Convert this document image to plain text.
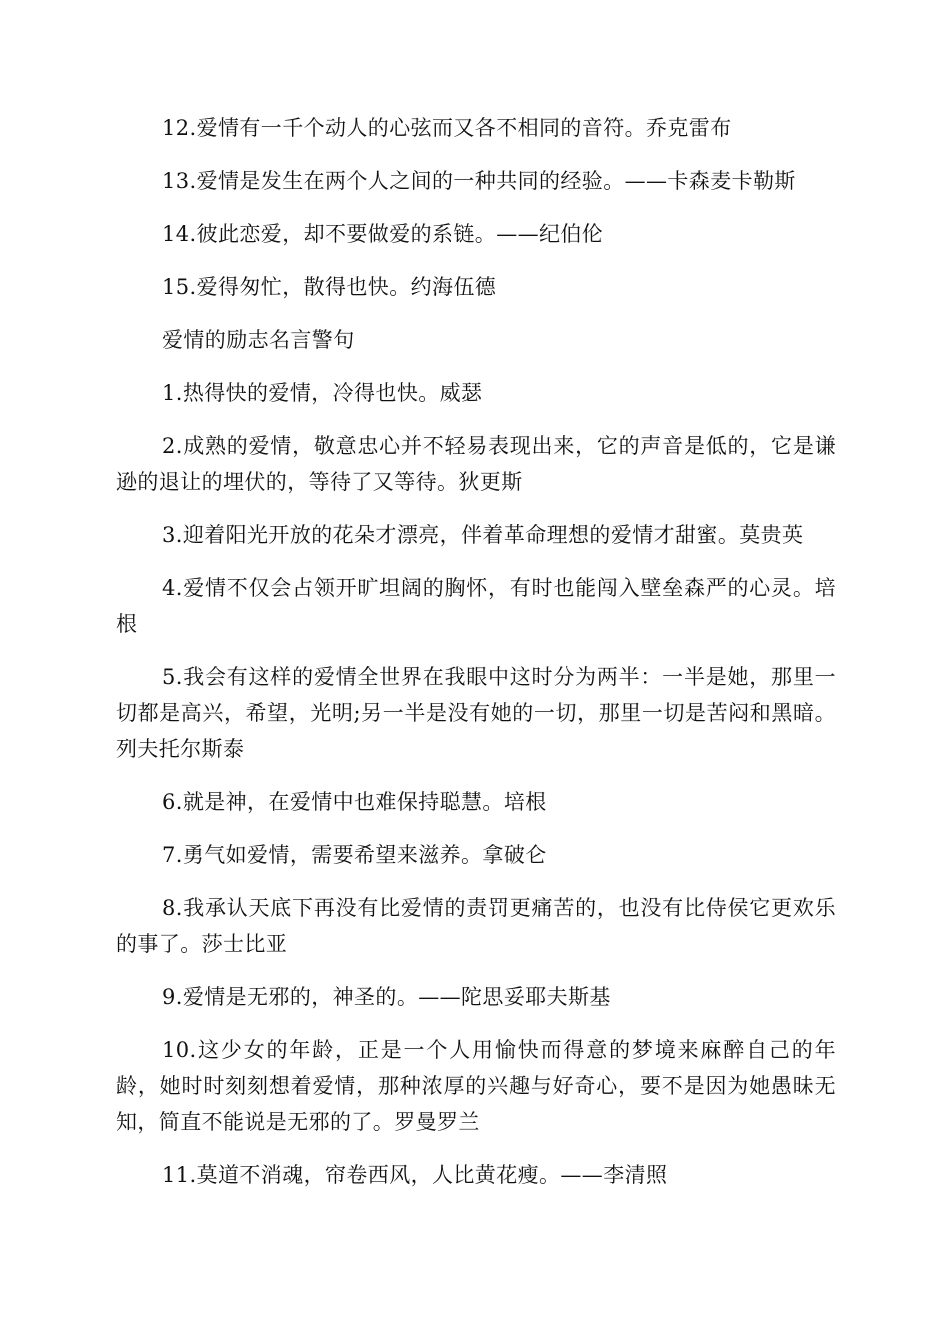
12.爱情有一千个动人的心弦而又各不相同的音符。乔克雷布

13.爱情是发生在两个人之间的一种共同的经验。——卡森麦卡勒斯

14.彼此恋爱，却不要做爱的系链。——纪伯伦

15.爱得匆忙，散得也快。约海伍德

爱情的励志名言警句

1.热得快的爱情，冷得也快。威瑟

2.成熟的爱情，敬意忠心并不轻易表现出来，它的声音是低的，它是谦逊的退让的埋伏的，等待了又等待。狄更斯

3.迎着阳光开放的花朵才漂亮，伴着革命理想的爱情才甜蜜。莫贵英

4.爱情不仅会占领开旷坦阔的胸怀，有时也能闯入壁垒森严的心灵。培根

5.我会有这样的爱情全世界在我眼中这时分为两半：一半是她，那里一切都是高兴，希望，光明;另一半是没有她的一切，那里一切是苦闷和黑暗。列夫托尔斯泰

6.就是神，在爱情中也难保持聪慧。培根

7.勇气如爱情，需要希望来滋养。拿破仑

8.我承认天底下再没有比爱情的责罚更痛苦的，也没有比侍侯它更欢乐的事了。莎士比亚

9.爱情是无邪的，神圣的。——陀思妥耶夫斯基

10.这少女的年龄，正是一个人用愉快而得意的梦境来麻醉自己的年龄，她时时刻刻想着爱情，那种浓厚的兴趣与好奇心，要不是因为她愚昧无知，简直不能说是无邪的了。罗曼罗兰

11.莫道不消魂，帘卷西风，人比黄花瘦。——李清照
